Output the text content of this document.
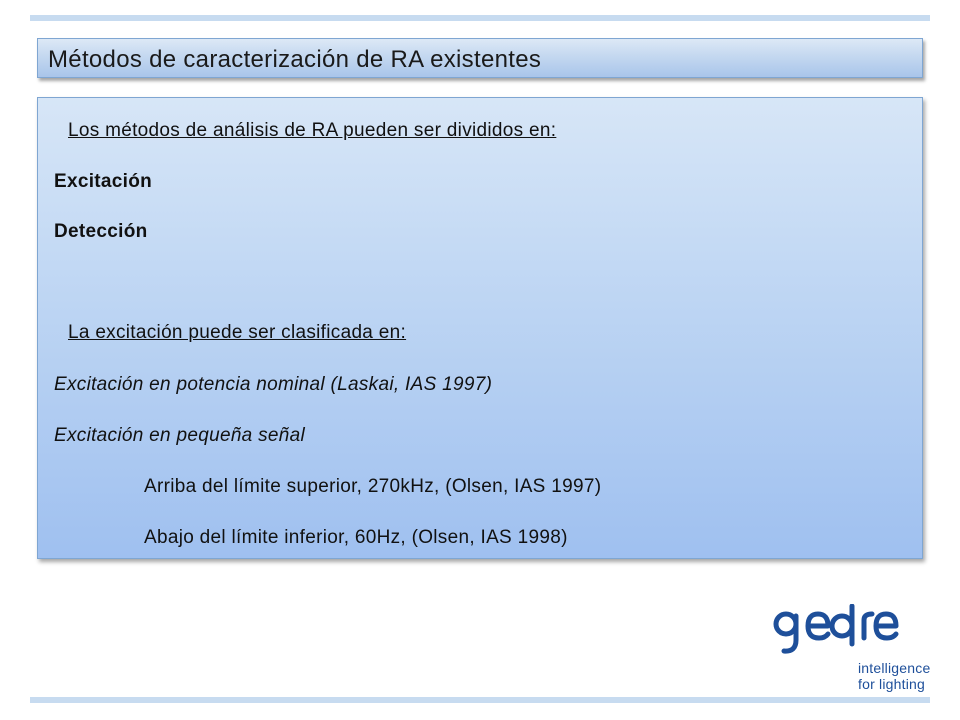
Métodos de caracterización de RA existentes
Los métodos de análisis de RA pueden ser divididos en:
Excitación
Detección
La excitación puede ser clasificada en:
Excitación en potencia nominal (Laskai, IAS 1997)
Excitación en pequeña señal
Arriba del límite superior, 270kHz, (Olsen, IAS 1997)
Abajo del límite inferior, 60Hz, (Olsen, IAS 1998)
intelligence
for lighting
